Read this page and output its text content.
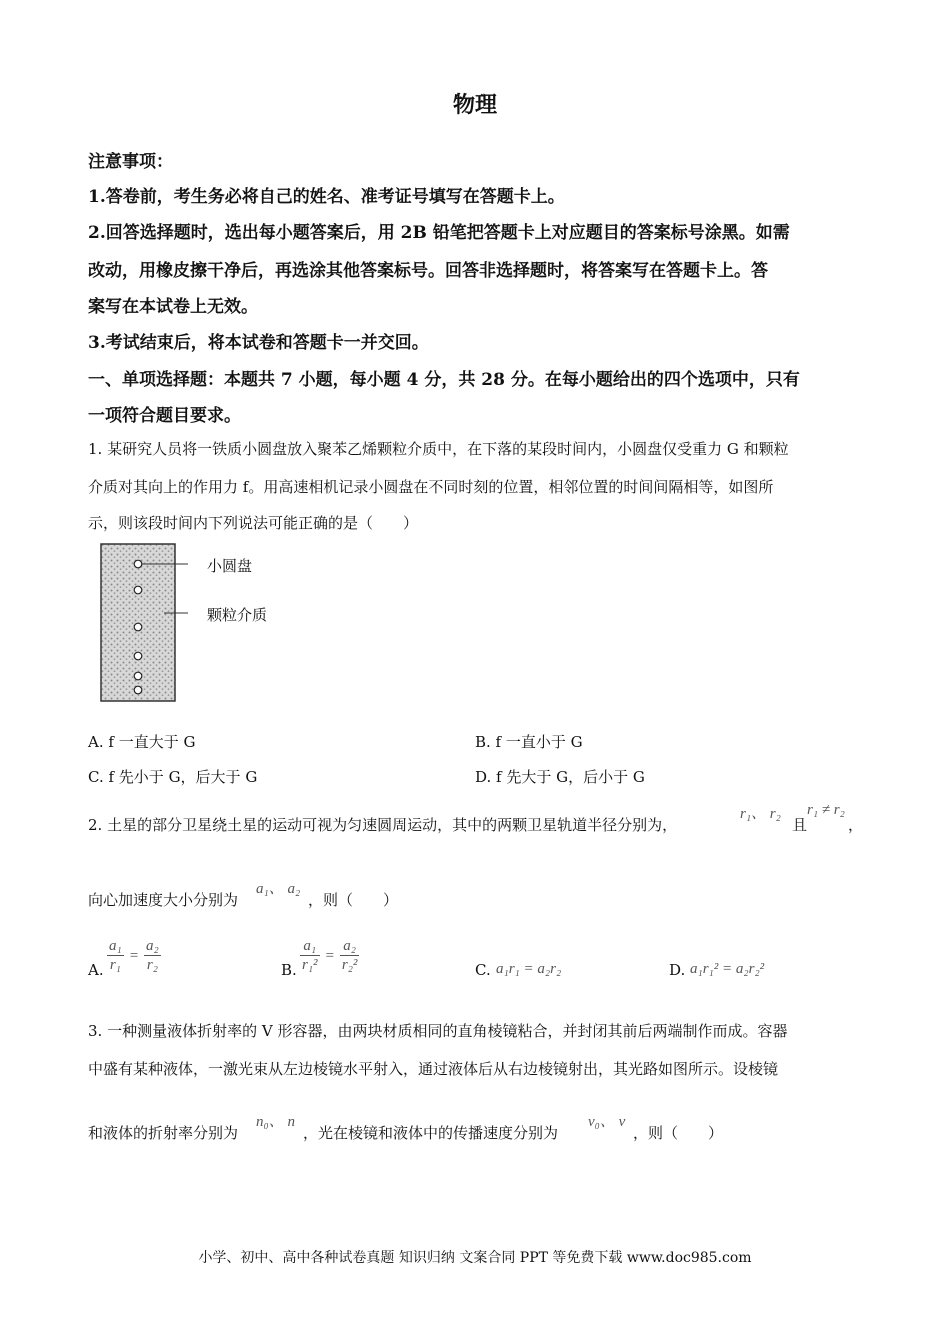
物理
注意事项：
1.答卷前，考生务必将自己的姓名、准考证号填写在答题卡上。
2.回答选择题时，选出每小题答案后，用 2B 铅笔把答题卡上对应题目的答案标号涂黑。如需
改动，用橡皮擦干净后，再选涂其他答案标号。回答非选择题时，将答案写在答题卡上。答
案写在本试卷上无效。
3.考试结束后，将本试卷和答题卡一并交回。
一、单项选择题：本题共 7 小题，每小题 4 分，共 28 分。在每小题给出的四个选项中，只有
一项符合题目要求。
1. 某研究人员将一铁质小圆盘放入聚苯乙烯颗粒介质中，在下落的某段时间内，小圆盘仅受重力 G 和颗粒
介质对其向上的作用力 f。用高速相机记录小圆盘在不同时刻的位置，相邻位置的时间间隔相等，如图所
示，则该段时间内下列说法可能正确的是（　　）
小圆盘
颗粒介质
A. f 一直大于 G	B. f 一直小于 G
C. f 先小于 G，后大于 G	D. f 先大于 G，后小于 G
2. 土星的部分卫星绕土星的运动可视为匀速圆周运动，其中的两颗卫星轨道半径分别为，
r₁、 r₂
且
r₁ ≠ r₂
，
向心加速度大小分别为
a₁、 a₂
，则（　　）
A. $\frac{\text{a₁}}{\text{r₁}} = \frac{\text{a₂}}{\text{r₂}}$	B. $\frac{\text{a₁}}{\text{r₁²}} = \frac{\text{a₂}}{\text{r₂²}}$	C. a₁r₁ = a₂r₂	D. a₁r₁² = a₂r₂²
3. 一种测量液体折射率的 V 形容器，由两块材质相同的直角棱镜粘合，并封闭其前后两端制作而成。容器
中盛有某种液体，一激光束从左边棱镜水平射入，通过液体后从右边棱镜射出，其光路如图所示。设棱镜
和液体的折射率分别为
n₀、 n
，光在棱镜和液体中的传播速度分别为
v₀、 v
，则（　　）
小学、初中、高中各种试卷真题 知识归纳 文案合同 PPT 等免费下载 www.doc985.com
